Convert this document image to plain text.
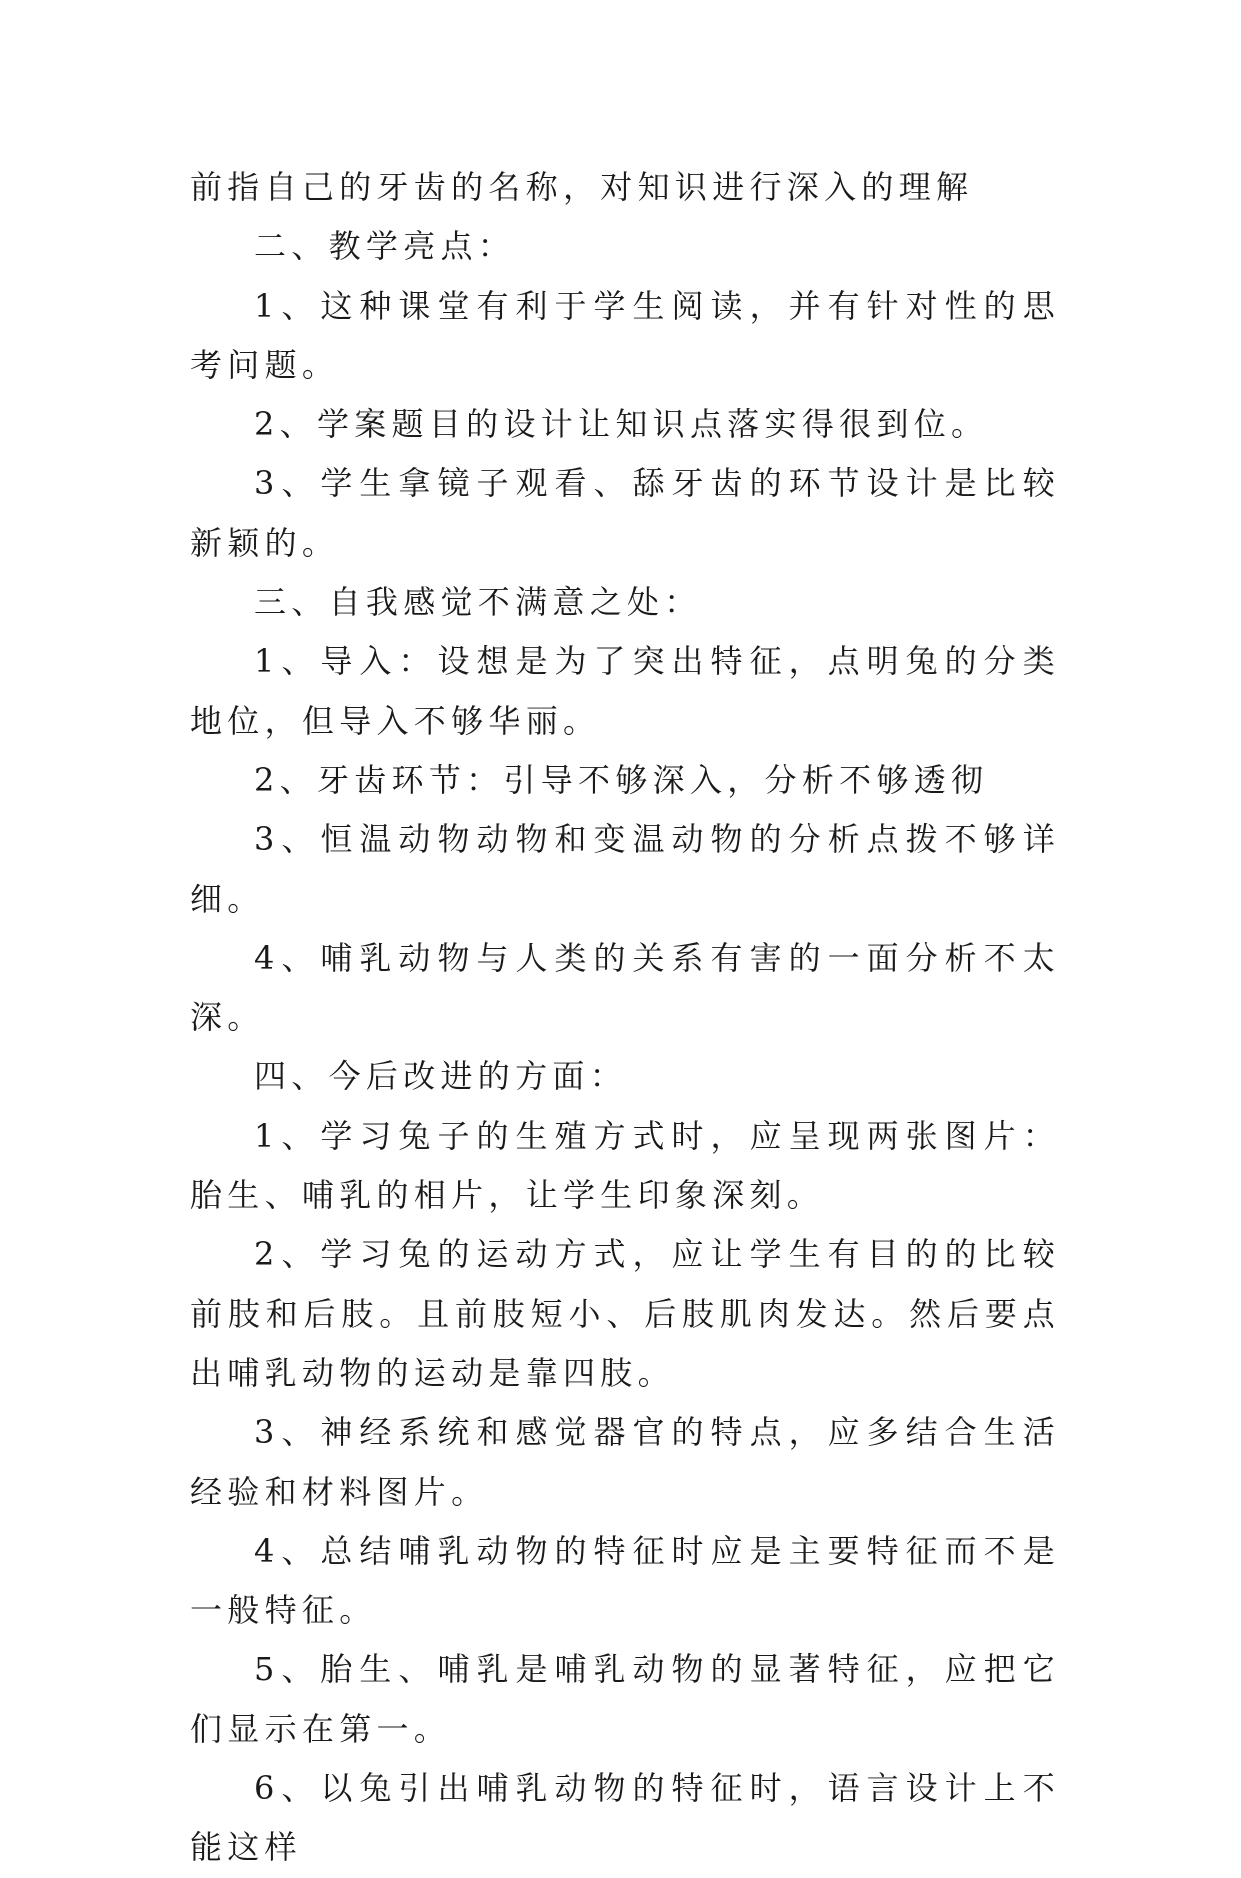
前指自己的牙齿的名称，对知识进行深入的理解

二、教学亮点：

1、这种课堂有利于学生阅读，并有针对性的思考问题。

2、学案题目的设计让知识点落实得很到位。

3、学生拿镜子观看、舔牙齿的环节设计是比较新颖的。

三、自我感觉不满意之处：

1、导入：设想是为了突出特征，点明兔的分类地位，但导入不够华丽。

2、牙齿环节：引导不够深入，分析不够透彻

3、恒温动物动物和变温动物的分析点拨不够详细。

4、哺乳动物与人类的关系有害的一面分析不太深。

四、今后改进的方面：

1、学习兔子的生殖方式时，应呈现两张图片：胎生、哺乳的相片，让学生印象深刻。

2、学习兔的运动方式，应让学生有目的的比较前肢和后肢。且前肢短小、后肢肌肉发达。然后要点出哺乳动物的运动是靠四肢。

3、神经系统和感觉器官的特点，应多结合生活经验和材料图片。

4、总结哺乳动物的特征时应是主要特征而不是一般特征。

5、胎生、哺乳是哺乳动物的显著特征，应把它们显示在第一。

6、以兔引出哺乳动物的特征时，语言设计上不能这样
